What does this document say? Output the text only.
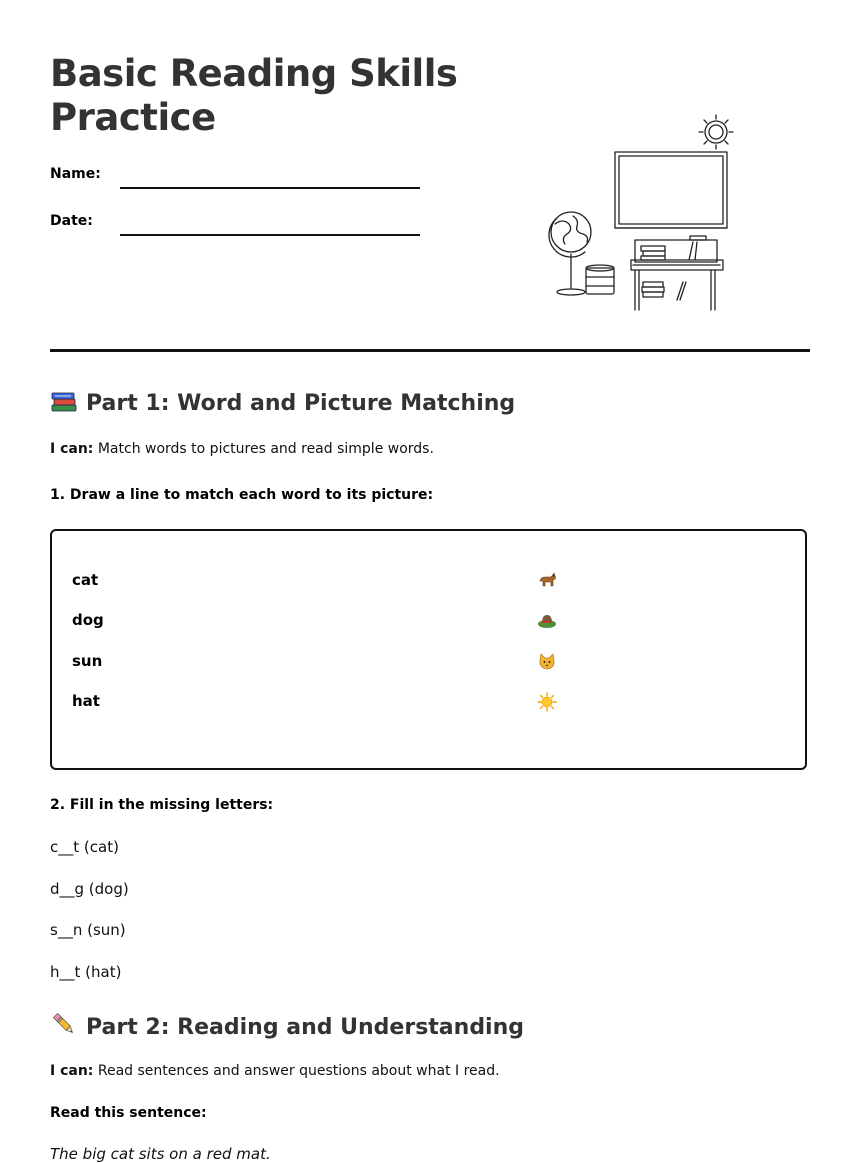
Basic Reading Skills Practice
Name:
Date:
Part 1: Word and Picture Matching
I can: Match words to pictures and read simple words.
1. Draw a line to match each word to its picture:
cat
dog
sun
hat
2. Fill in the missing letters:
c__t (cat)
d__g (dog)
s__n (sun)
h__t (hat)
Part 2: Reading and Understanding
I can: Read sentences and answer questions about what I read.
Read this sentence:
The big cat sits on a red mat.
